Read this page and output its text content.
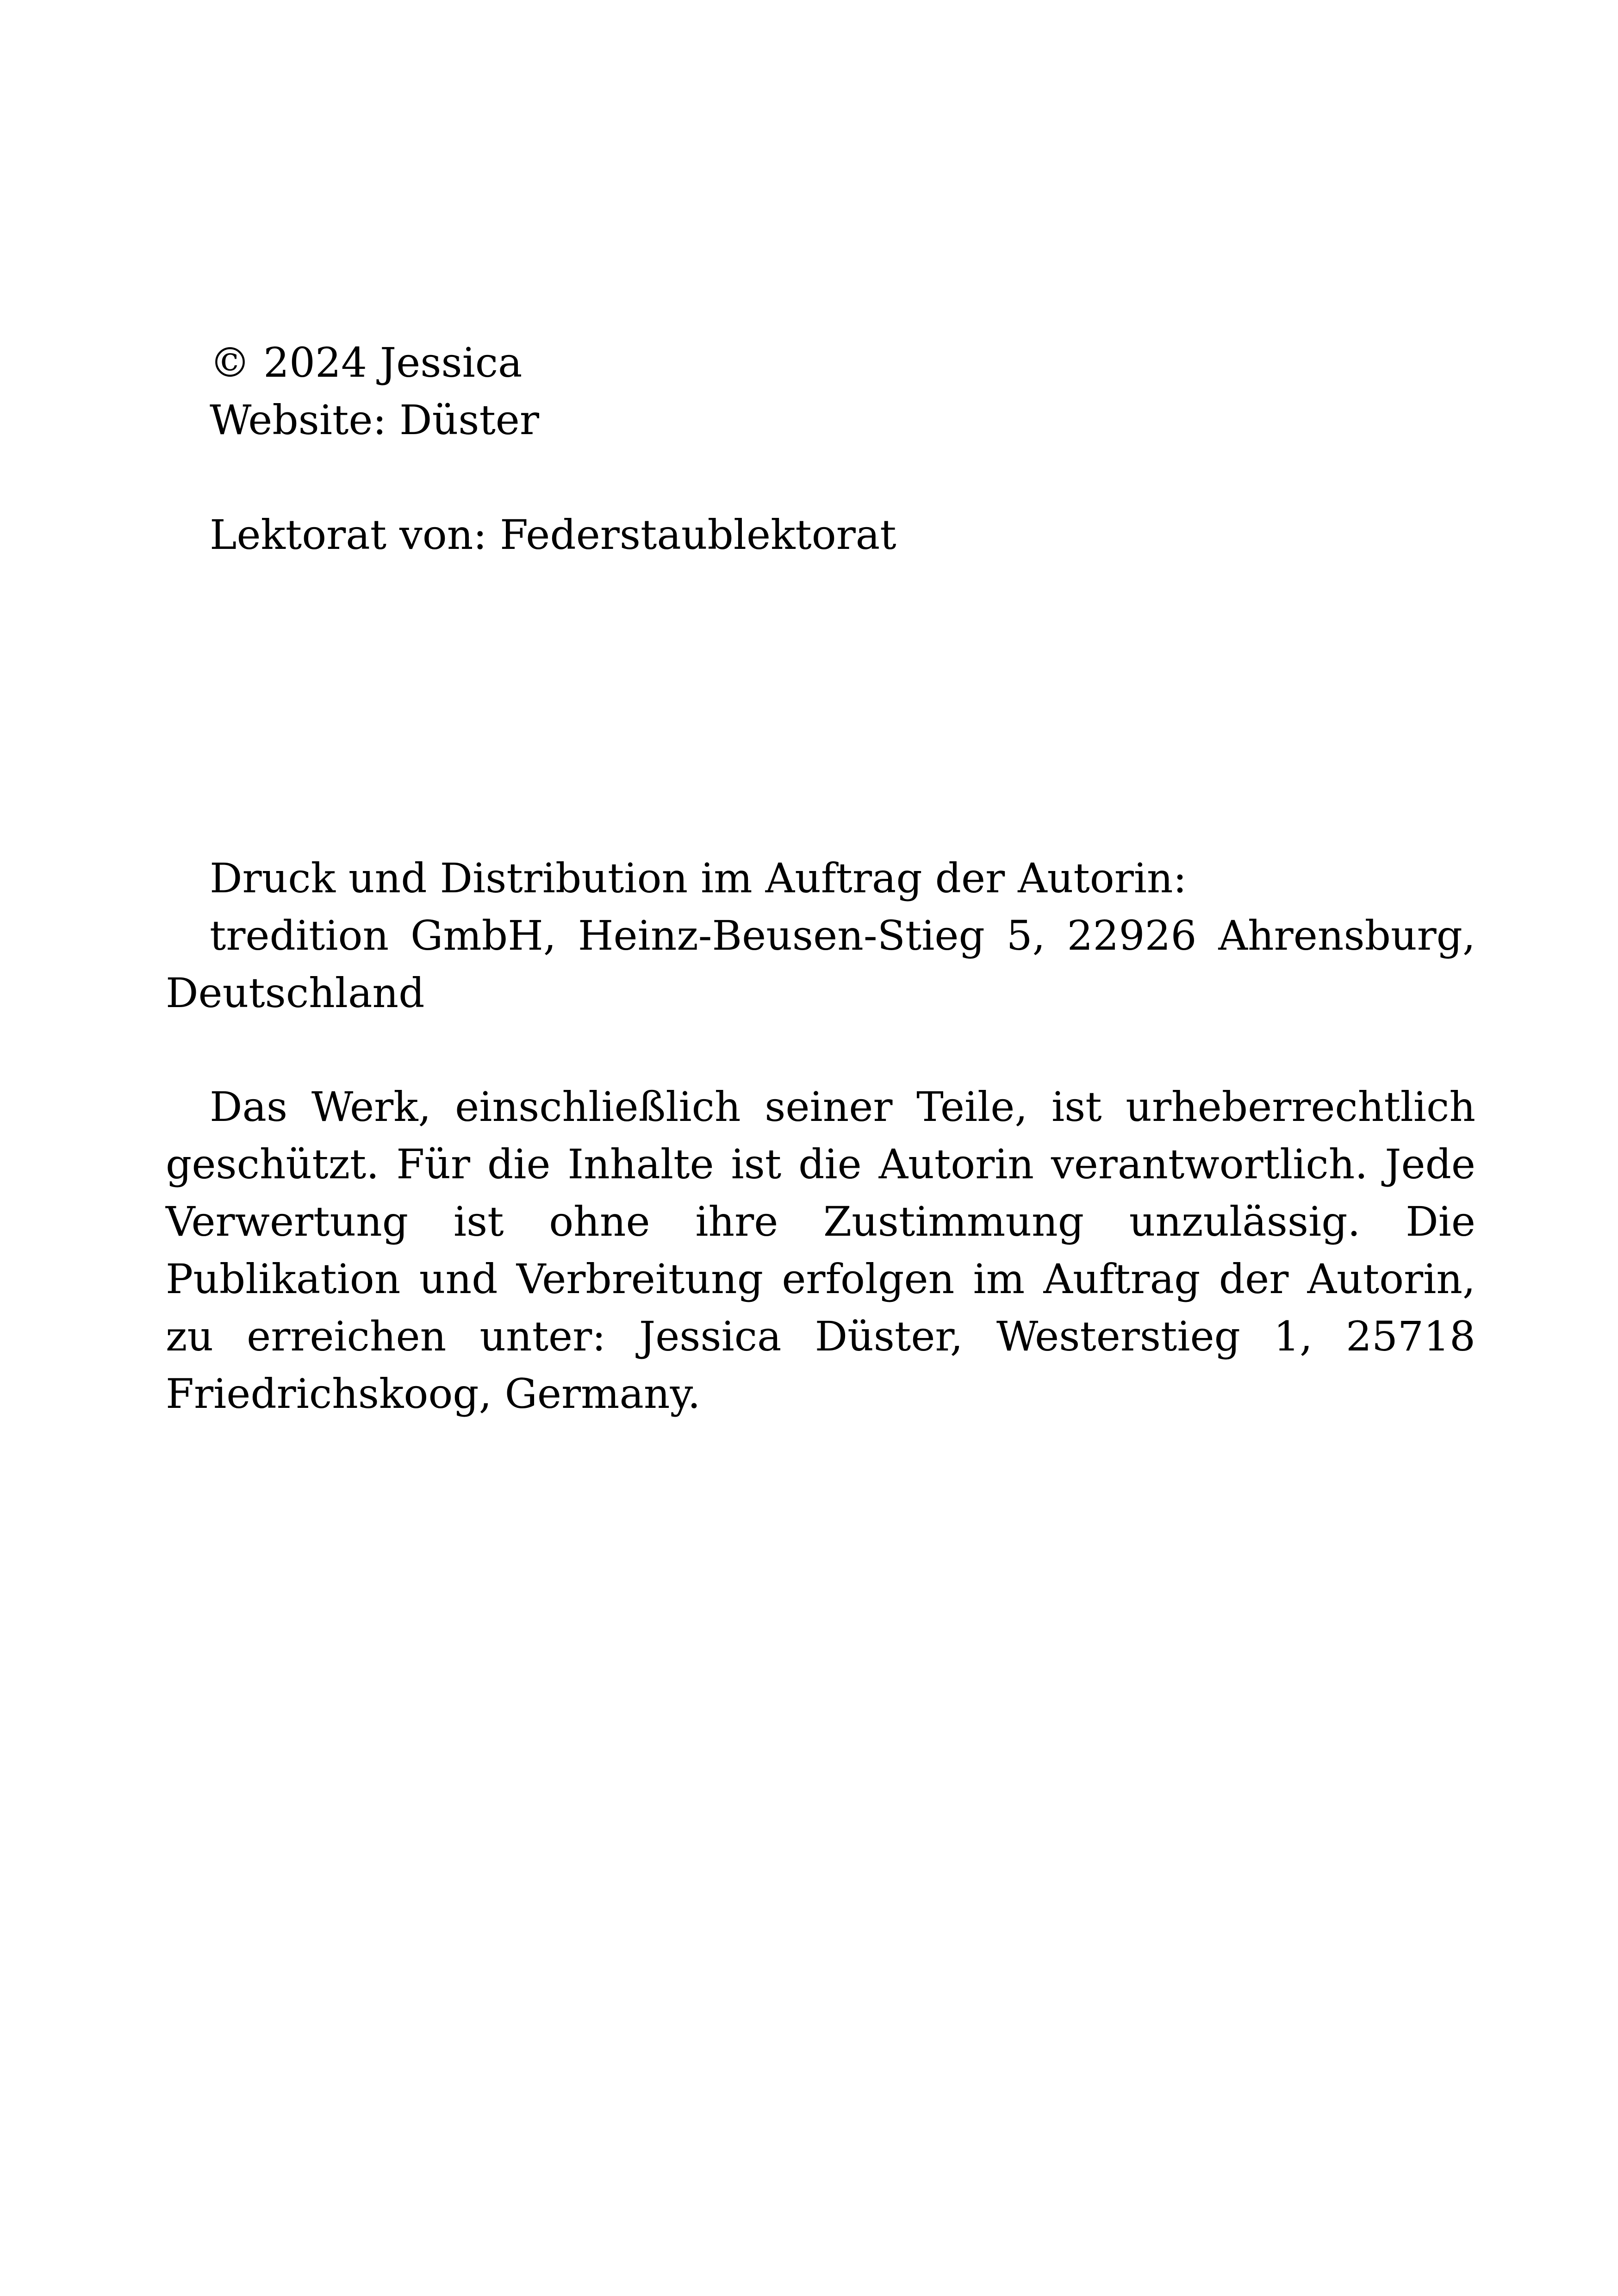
© 2024 Jessica
Website: Düster
Lektorat von: Federstaublektorat
Druck und Distribution im Auftrag der Autorin:

tredition GmbH, Heinz-Beusen-Stieg 5, 22926 Ahrensburg, Deutschland

Das Werk, einschließlich seiner Teile, ist urheberrechtlich geschützt. Für die Inhalte ist die Autorin verantwortlich. Jede Verwertung ist ohne ihre Zustimmung unzulässig. Die Publikation und Verbreitung erfolgen im Auftrag der Autorin, zu erreichen unter: Jessica Düster, Westerstieg 1, 25718 Friedrichskoog, Germany.
